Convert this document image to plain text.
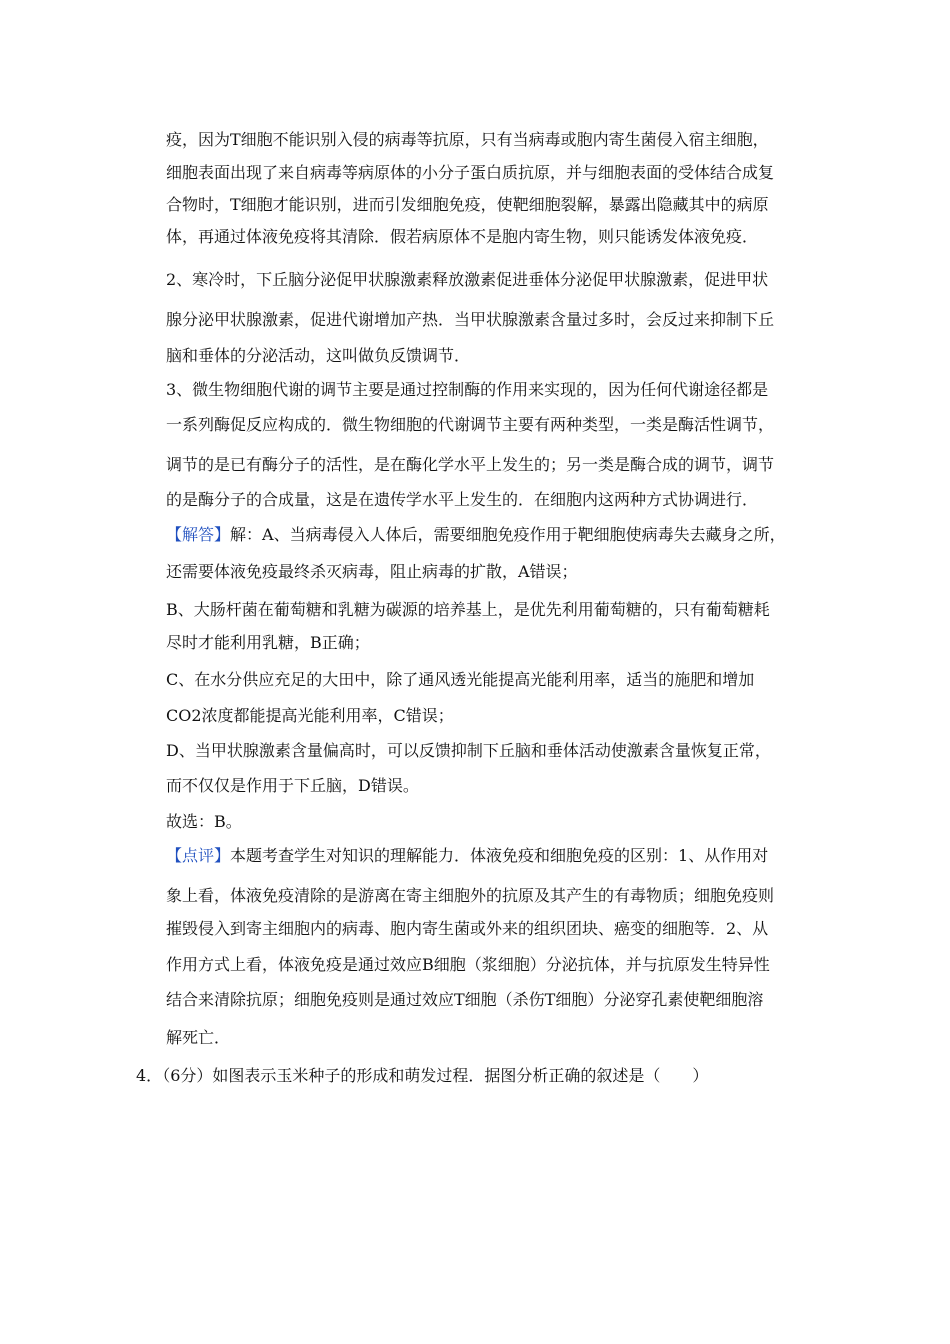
疫，因为T细胞不能识别入侵的病毒等抗原，只有当病毒或胞内寄生菌侵入宿主细胞，
细胞表面出现了来自病毒等病原体的小分子蛋白质抗原，并与细胞表面的受体结合成复
合物时，T细胞才能识别，进而引发细胞免疫，使靶细胞裂解，暴露出隐藏其中的病原
体，再通过体液免疫将其清除．假若病原体不是胞内寄生物，则只能诱发体液免疫．
2、寒冷时，下丘脑分泌促甲状腺激素释放激素促进垂体分泌促甲状腺激素，促进甲状
腺分泌甲状腺激素，促进代谢增加产热．当甲状腺激素含量过多时，会反过来抑制下丘
脑和垂体的分泌活动，这叫做负反馈调节．
3、微生物细胞代谢的调节主要是通过控制酶的作用来实现的，因为任何代谢途径都是
一系列酶促反应构成的．微生物细胞的代谢调节主要有两种类型，一类是酶活性调节，
调节的是已有酶分子的活性，是在酶化学水平上发生的；另一类是酶合成的调节，调节
的是酶分子的合成量，这是在遗传学水平上发生的．在细胞内这两种方式协调进行．
【解答】解：A、当病毒侵入人体后，需要细胞免疫作用于靶细胞使病毒失去藏身之所，
还需要体液免疫最终杀灭病毒，阻止病毒的扩散，A错误；
B、大肠杆菌在葡萄糖和乳糖为碳源的培养基上，是优先利用葡萄糖的，只有葡萄糖耗
尽时才能利用乳糖，B正确；
C、在水分供应充足的大田中，除了通风透光能提高光能利用率，适当的施肥和增加
CO2浓度都能提高光能利用率，C错误；
D、当甲状腺激素含量偏高时，可以反馈抑制下丘脑和垂体活动使激素含量恢复正常，
而不仅仅是作用于下丘脑，D错误。
故选：B。
【点评】本题考查学生对知识的理解能力．体液免疫和细胞免疫的区别：1、从作用对
象上看，体液免疫清除的是游离在寄主细胞外的抗原及其产生的有毒物质；细胞免疫则
摧毁侵入到寄主细胞内的病毒、胞内寄生菌或外来的组织团块、癌变的细胞等．2、从
作用方式上看，体液免疫是通过效应B细胞（浆细胞）分泌抗体，并与抗原发生特异性
结合来清除抗原；细胞免疫则是通过效应T细胞（杀伤T细胞）分泌穿孔素使靶细胞溶
解死亡．
4．（6分）如图表示玉米种子的形成和萌发过程．据图分析正确的叙述是（　　）
